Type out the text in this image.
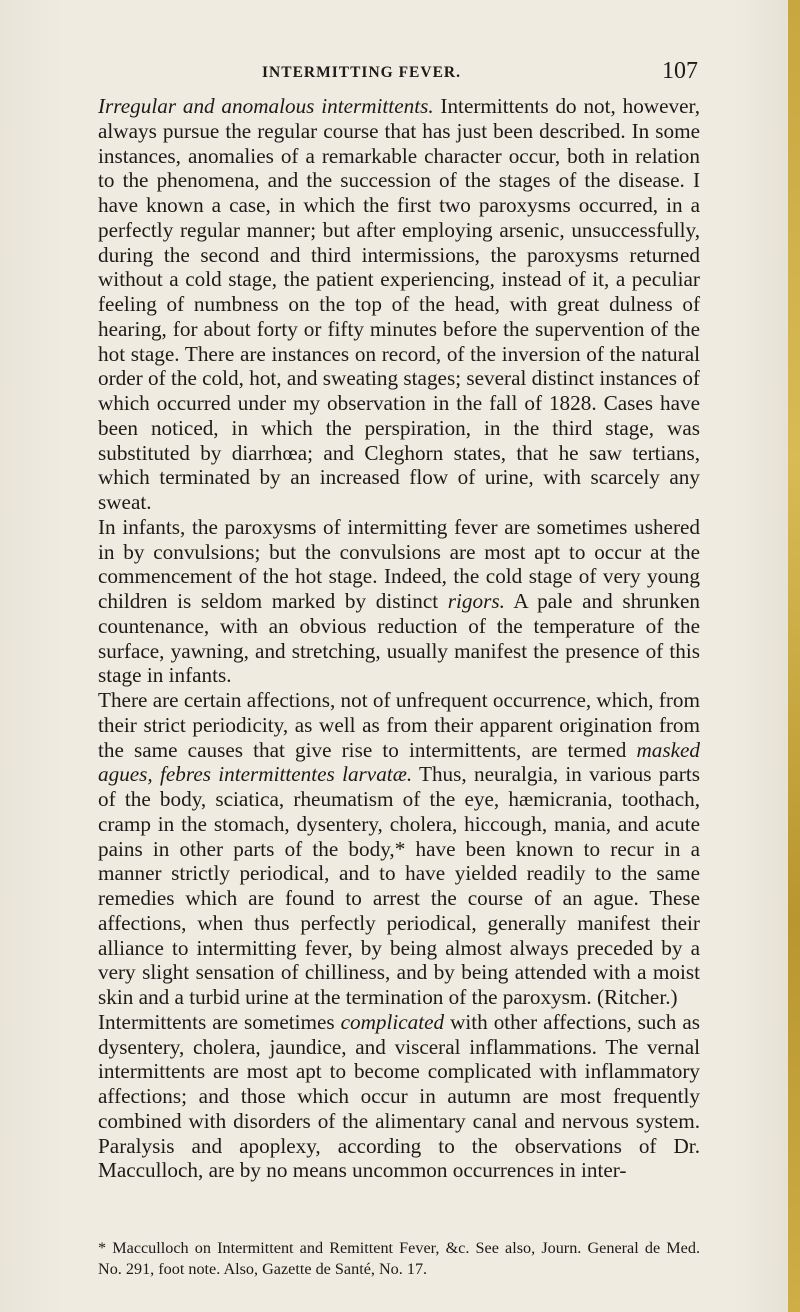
INTERMITTING FEVER.	107

Irregular and anomalous intermittents. Intermittents do not, however, always pursue the regular course that has just been described. In some instances, anomalies of a remarkable character occur, both in relation to the phenomena, and the succession of the stages of the disease. I have known a case, in which the first two paroxysms occurred, in a perfectly regular manner; but after employing arsenic, unsuccessfully, during the second and third intermissions, the paroxysms returned without a cold stage, the patient experiencing, instead of it, a peculiar feeling of numbness on the top of the head, with great dulness of hearing, for about forty or fifty minutes before the supervention of the hot stage. There are instances on record, of the inversion of the natural order of the cold, hot, and sweating stages; several distinct instances of which occurred under my observation in the fall of 1828. Cases have been noticed, in which the perspiration, in the third stage, was substituted by diarrhœa; and Cleghorn states, that he saw tertians, which terminated by an increased flow of urine, with scarcely any sweat.

In infants, the paroxysms of intermitting fever are sometimes ushered in by convulsions; but the convulsions are most apt to occur at the commencement of the hot stage. Indeed, the cold stage of very young children is seldom marked by distinct rigors. A pale and shrunken countenance, with an obvious reduction of the temperature of the surface, yawning, and stretching, usually manifest the presence of this stage in infants.

There are certain affections, not of unfrequent occurrence, which, from their strict periodicity, as well as from their apparent origination from the same causes that give rise to intermittents, are termed masked agues, febres intermittentes larvatæ. Thus, neuralgia, in various parts of the body, sciatica, rheumatism of the eye, hæmicrania, toothach, cramp in the stomach, dysentery, cholera, hiccough, mania, and acute pains in other parts of the body,* have been known to recur in a manner strictly periodical, and to have yielded readily to the same remedies which are found to arrest the course of an ague. These affections, when thus perfectly periodical, generally manifest their alliance to intermitting fever, by being almost always preceded by a very slight sensation of chilliness, and by being attended with a moist skin and a turbid urine at the termination of the paroxysm. (Ritcher.)

Intermittents are sometimes complicated with other affections, such as dysentery, cholera, jaundice, and visceral inflammations. The vernal intermittents are most apt to become complicated with inflammatory affections; and those which occur in autumn are most frequently combined with disorders of the alimentary canal and nervous system. Paralysis and apoplexy, according to the observations of Dr. Macculloch, are by no means uncommon occurrences in inter-

* Macculloch on Intermittent and Remittent Fever, &c. See also, Journ. General de Med. No. 291, foot note. Also, Gazette de Santé, No. 17.
